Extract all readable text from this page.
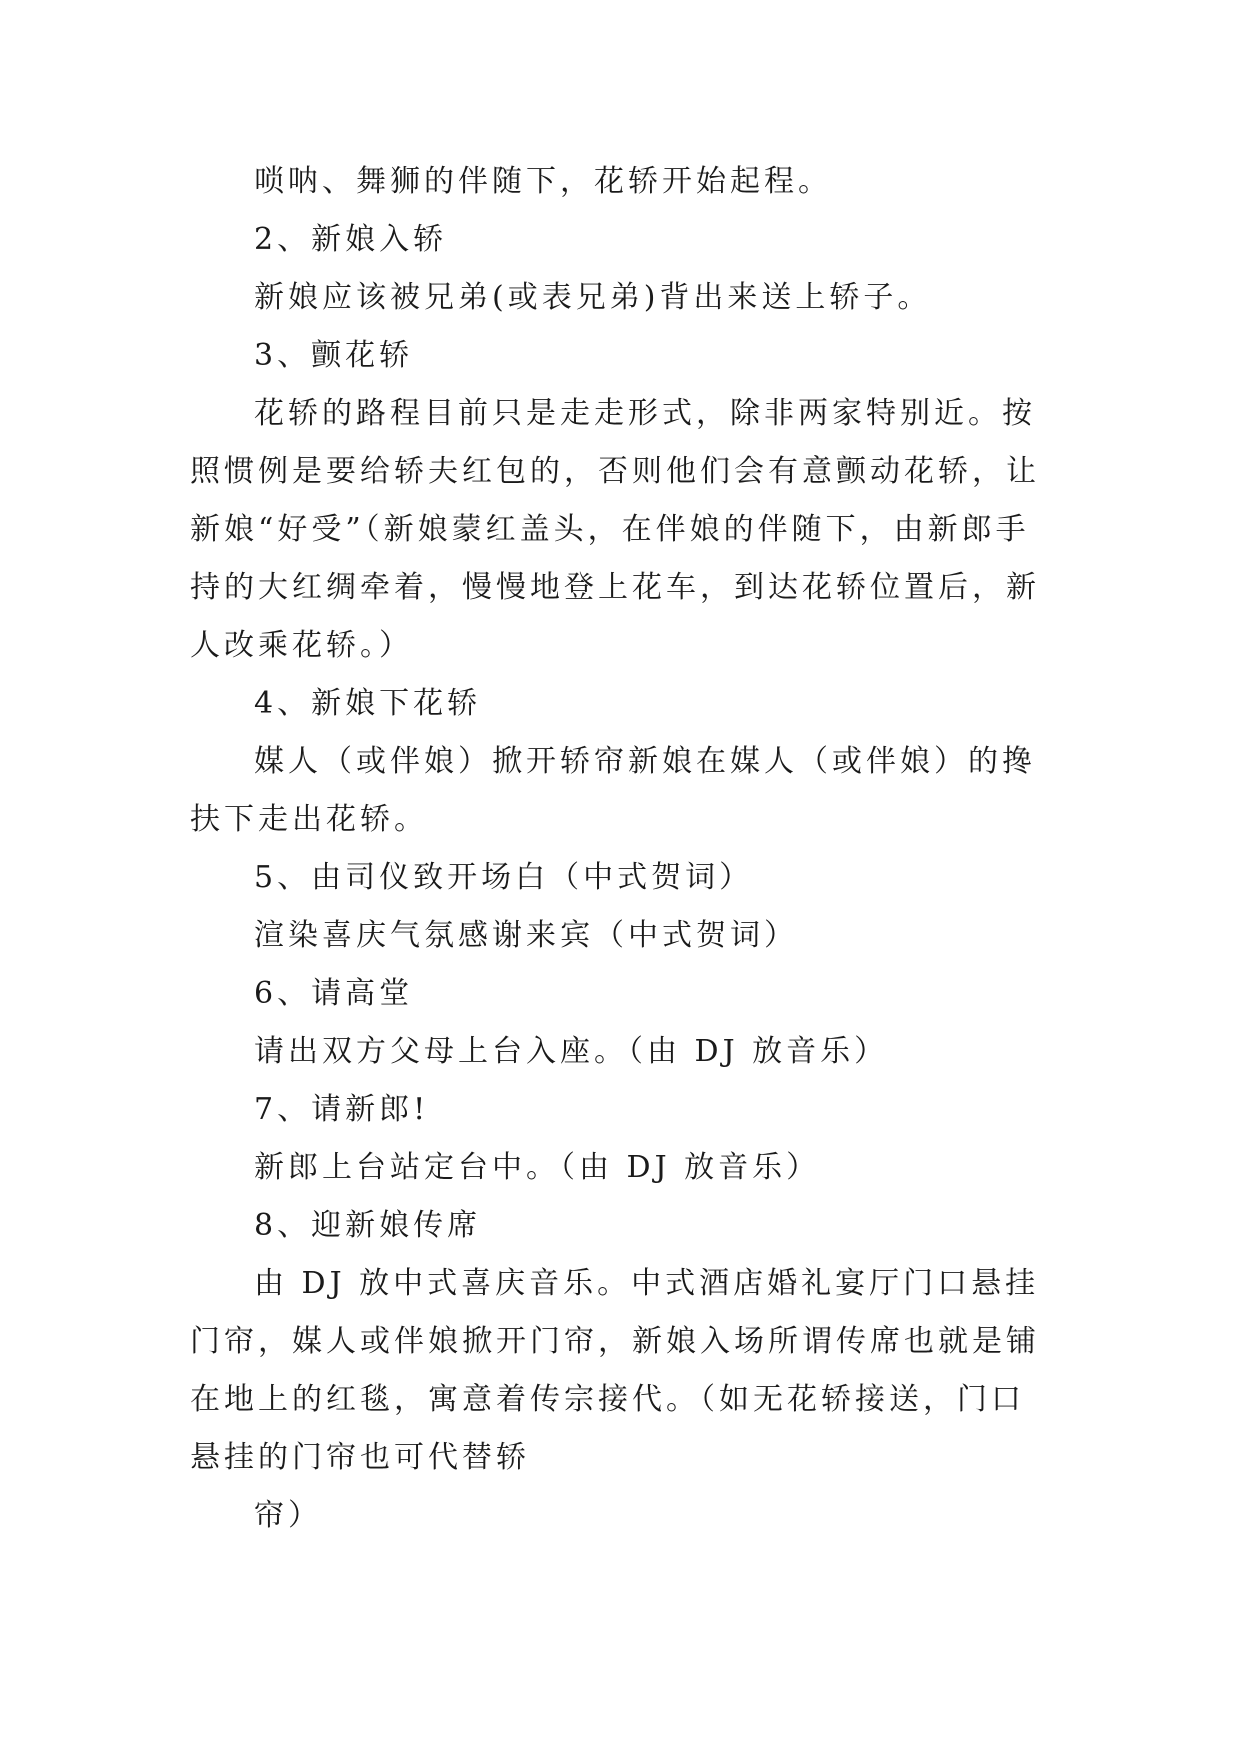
唢呐、舞狮的伴随下，花轿开始起程。

2、新娘入轿

新娘应该被兄弟(或表兄弟)背出来送上轿子。

3、颤花轿

花轿的路程目前只是走走形式，除非两家特别近。按照惯例是要给轿夫红包的，否则他们会有意颤动花轿，让新娘“好受”（新娘蒙红盖头，在伴娘的伴随下，由新郎手持的大红绸牵着，慢慢地登上花车，到达花轿位置后，新人改乘花轿。）

4、新娘下花轿

媒人（或伴娘）掀开轿帘新娘在媒人（或伴娘）的搀扶下走出花轿。

5、由司仪致开场白（中式贺词）

渲染喜庆气氛感谢来宾（中式贺词）

6、请高堂

请出双方父母上台入座。（由 DJ 放音乐）

7、请新郎!

新郎上台站定台中。（由 DJ 放音乐）

8、迎新娘传席

由 DJ 放中式喜庆音乐。中式酒店婚礼宴厅门口悬挂门帘，媒人或伴娘掀开门帘，新娘入场所谓传席也就是铺在地上的红毯，寓意着传宗接代。（如无花轿接送，门口悬挂的门帘也可代替轿

帘）
